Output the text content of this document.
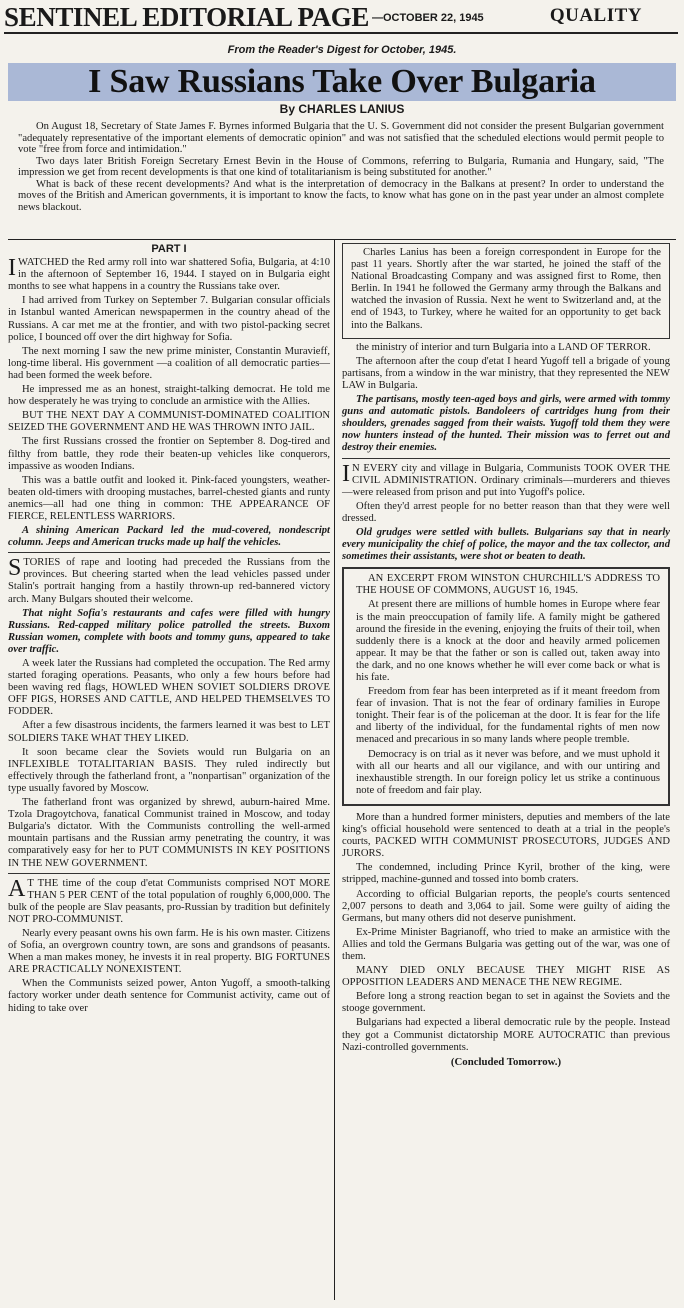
SENTINEL EDITORIAL PAGE —OCTOBER 22, 1945	QUALITY
From the Reader's Digest for October, 1945.
I Saw Russians Take Over Bulgaria
By CHARLES LANIUS

On August 18, Secretary of State James F. Byrnes informed Bulgaria that the U. S. Government did not consider the present Bulgarian government "adequately representative of the important elements of democratic opinion" and was not satisfied that the scheduled elections would permit people to vote "free from force and intimidation."

Two days later British Foreign Secretary Ernest Bevin in the House of Commons, referring to Bulgaria, Rumania and Hungary, said, "The impression we get from recent developments is that one kind of totalitarianism is being substituted for another."

What is back of these recent developments? And what is the interpretation of democracy in the Balkans at present? In order to understand the moves of the British and American governments, it is important to know the facts, to know what has gone on in the past year under an almost complete news blackout.

PART I

IWATCHED the Red army roll into war shattered Sofia, Bulgaria, at 4:10 in the afternoon of September 16, 1944. I stayed on in Bulgaria eight months to see what happens in a country the Russians take over.

I had arrived from Turkey on September 7. Bulgarian consular officials in Istanbul wanted American newspapermen in the country ahead of the Russians. A car met me at the frontier, and with two pistol-packing secret police, I bounced off over the dirt highway for Sofia.

The next morning I saw the new prime minister, Constantin Muravieff, long-time liberal. His government —a coalition of all democratic parties—had been formed the week before.

He impressed me as an honest, straight-talking democrat. He told me how desperately he was trying to conclude an armistice with the Allies.

BUT THE NEXT DAY A COMMUNIST-DOMINATED COALITION SEIZED THE GOVERNMENT AND HE WAS THROWN INTO JAIL.

The first Russians crossed the frontier on September 8. Dog-tired and filthy from battle, they rode their beaten-up vehicles like conquerors, impassive as wooden Indians.

This was a battle outfit and looked it. Pink-faced youngsters, weather-beaten old-timers with drooping mustaches, barrel-chested giants and runty anemics—all had one thing in common: THE APPEARANCE OF FIERCE, RELENTLESS WARRIORS.

A shining American Packard led the mud-covered, nondescript column. Jeeps and American trucks made up half the vehicles.

STORIES of rape and looting had preceded the Russians from the provinces. But cheering started when the lead vehicles passed under Stalin's portrait hanging from a hastily thrown-up red-bannered victory arch. Many Bulgars shouted their welcome.

That night Sofia's restaurants and cafes were filled with hungry Russians. Red-capped military police patrolled the streets. Buxom Russian women, complete with boots and tommy guns, appeared to take over traffic.

A week later the Russians had completed the occupation. The Red army started foraging operations. Peasants, who only a few hours before had been waving red flags, HOWLED WHEN SOVIET SOLDIERS DROVE OFF PIGS, HORSES AND CATTLE, AND HELPED THEMSELVES TO FODDER.

After a few disastrous incidents, the farmers learned it was best to LET SOLDIERS TAKE WHAT THEY LIKED.

It soon became clear the Soviets would run Bulgaria on an INFLEXIBLE TOTALITARIAN BASIS. They ruled indirectly but effectively through the fatherland front, a "nonpartisan" organization of the type usually favored by Moscow.

The fatherland front was organized by shrewd, auburn-haired Mme. Tzola Dragoytchova, fanatical Communist trained in Moscow, and today Bulgaria's dictator. With the Communists controlling the well-armed mountain partisans and the Russian army penetrating the country, it was comparatively easy for her to PUT COMMUNISTS IN KEY POSITIONS IN THE NEW GOVERNMENT.

AT THE time of the coup d'etat Communists comprised NOT MORE THAN 5 PER CENT of the total population of roughly 6,000,000. The bulk of the people are Slav peasants, pro-Russian by tradition but definitely NOT PRO-COMMUNIST.

Nearly every peasant owns his own farm. He is his own master. Citizens of Sofia, an overgrown country town, are sons and grandsons of peasants. When a man makes money, he invests it in real property. BIG FORTUNES ARE PRACTICALLY NONEXISTENT.

When the Communists seized power, Anton Yugoff, a smooth-talking factory worker under death sentence for Communist activity, came out of hiding to take over

Charles Lanius has been a foreign correspondent in Europe for the past 11 years. Shortly after the war started, he joined the staff of the National Broadcasting Company and was assigned first to Rome, then Berlin. In 1941 he followed the Germany army through the Balkans and watched the invasion of Russia. Next he went to Switzerland and, at the end of 1943, to Turkey, where he waited for an opportunity to get back into the Balkans.

the ministry of interior and turn Bulgaria into a LAND OF TERROR.

The afternoon after the coup d'etat I heard Yugoff tell a brigade of young partisans, from a window in the war ministry, that they represented the NEW LAW in Bulgaria.

The partisans, mostly teen-aged boys and girls, were armed with tommy guns and automatic pistols. Bandoleers of cartridges hung from their shoulders, grenades sagged from their waists. Yugoff told them they were now hunters instead of the hunted. Their mission was to ferret out and destroy their enemies.

IN EVERY city and village in Bulgaria, Communists TOOK OVER THE CIVIL ADMINISTRATION. Ordinary criminals—murderers and thieves—were released from prison and put into Yugoff's police.

Often they'd arrest people for no better reason than that they were well dressed.

Old grudges were settled with bullets. Bulgarians say that in nearly every municipality the chief of police, the mayor and the tax collector, and sometimes their assistants, were shot or beaten to death.

AN EXCERPT FROM WINSTON CHURCHILL'S ADDRESS TO THE HOUSE OF COMMONS, AUGUST 16, 1945.

At present there are millions of humble homes in Europe where fear is the main preoccupation of family life. A family might be gathered around the fireside in the evening, enjoying the fruits of their toil, when suddenly there is a knock at the door and heavily armed policemen appear. It may be that the father or son is called out, taken away into the dark, and no one knows whether he will ever come back or what is his fate.

Freedom from fear has been interpreted as if it meant freedom from fear of invasion. That is not the fear of ordinary families in Europe tonight. Their fear is of the policeman at the door. It is fear for the life and liberty of the individual, for the fundamental rights of men now menaced and precarious in so many lands where people tremble.

Democracy is on trial as it never was before, and we must uphold it with all our hearts and all our vigilance, and with our untiring and inexhaustible strength. In our foreign policy let us strike a continuous note of freedom and fair play.

More than a hundred former ministers, deputies and members of the late king's official household were sentenced to death at a trial in the people's courts, PACKED WITH COMMUNIST PROSECUTORS, JUDGES AND JURORS.

The condemned, including Prince Kyril, brother of the king, were stripped, machine-gunned and tossed into bomb craters.

According to official Bulgarian reports, the people's courts sentenced 2,007 persons to death and 3,064 to jail. Some were guilty of aiding the Germans, but many others did not deserve punishment.

Ex-Prime Minister Bagrianoff, who tried to make an armistice with the Allies and told the Germans Bulgaria was getting out of the war, was one of them.

MANY DIED ONLY BECAUSE THEY MIGHT RISE AS OPPOSITION LEADERS AND MENACE THE NEW REGIME.

Before long a strong reaction began to set in against the Soviets and the stooge government.

Bulgarians had expected a liberal democratic rule by the people. Instead they got a Communist dictatorship MORE AUTOCRATIC than previous Nazi-controlled governments.

(Concluded Tomorrow.)
